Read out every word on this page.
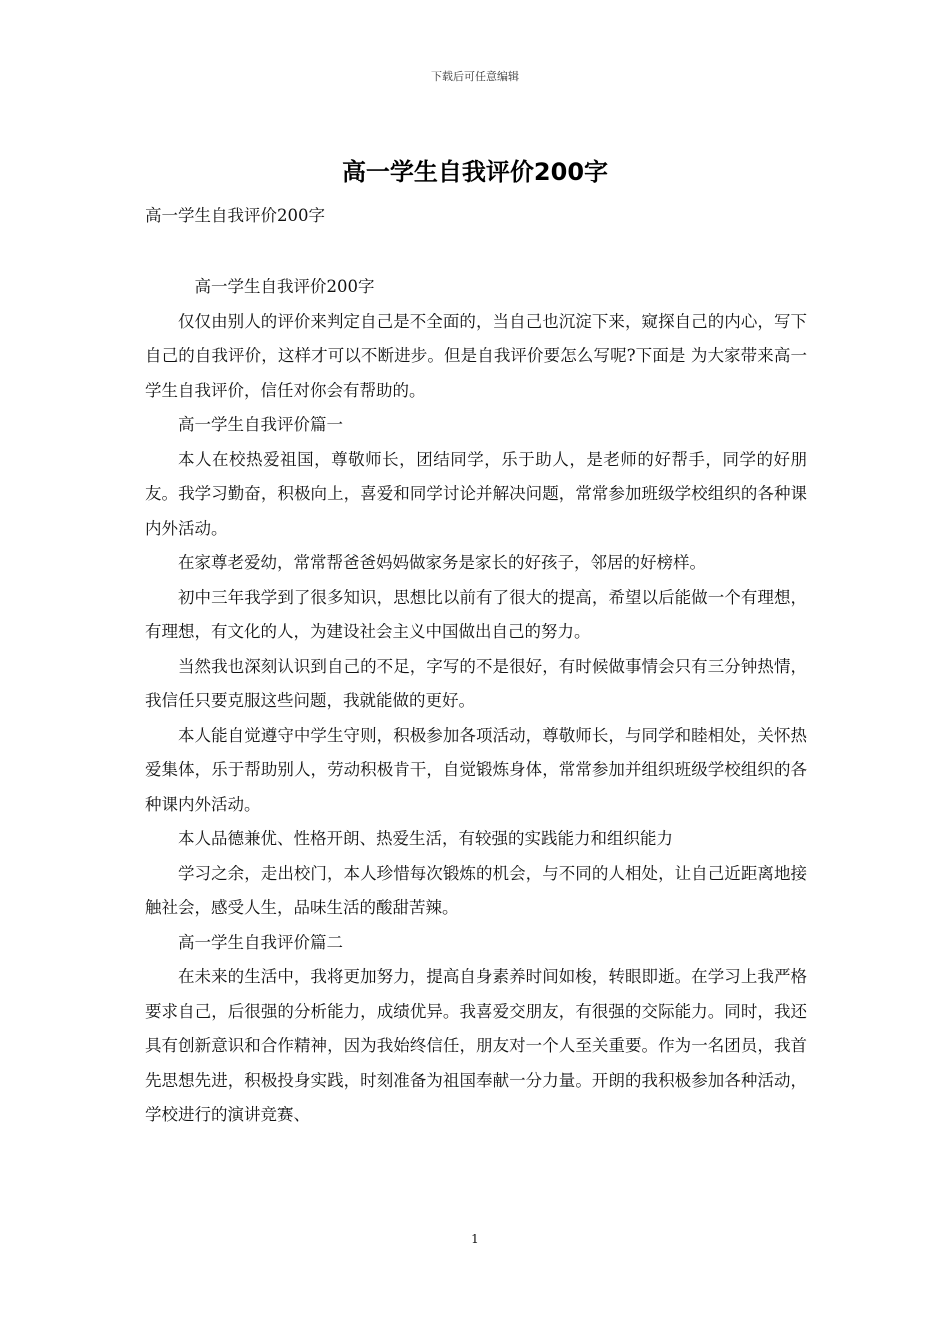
下载后可任意编辑
高一学生自我评价200字
高一学生自我评价200字

高一学生自我评价200字

仅仅由别人的评价来判定自己是不全面的，当自己也沉淀下来，窥探自己的内心，写下自己的自我评价，这样才可以不断进步。但是自我评价要怎么写呢?下面是 为大家带来高一学生自我评价，信任对你会有帮助的。

高一学生自我评价篇一

本人在校热爱祖国，尊敬师长，团结同学，乐于助人，是老师的好帮手，同学的好朋友。我学习勤奋，积极向上，喜爱和同学讨论并解决问题，常常参加班级学校组织的各种课内外活动。

在家尊老爱幼，常常帮爸爸妈妈做家务是家长的好孩子，邻居的好榜样。

初中三年我学到了很多知识，思想比以前有了很大的提高，希望以后能做一个有理想，有理想，有文化的人，为建设社会主义中国做出自己的努力。

当然我也深刻认识到自己的不足，字写的不是很好，有时候做事情会只有三分钟热情，我信任只要克服这些问题，我就能做的更好。

本人能自觉遵守中学生守则，积极参加各项活动，尊敬师长，与同学和睦相处，关怀热爱集体，乐于帮助别人，劳动积极肯干，自觉锻炼身体，常常参加并组织班级学校组织的各种课内外活动。

本人品德兼优、性格开朗、热爱生活，有较强的实践能力和组织能力

学习之余，走出校门，本人珍惜每次锻炼的机会，与不同的人相处，让自己近距离地接触社会，感受人生，品味生活的酸甜苦辣。

高一学生自我评价篇二

在未来的生活中，我将更加努力，提高自身素养时间如梭，转眼即逝。在学习上我严格要求自己，后很强的分析能力，成绩优异。我喜爱交朋友，有很强的交际能力。同时，我还具有创新意识和合作精神，因为我始终信任，朋友对一个人至关重要。作为一名团员，我首先思想先进，积极投身实践，时刻准备为祖国奉献一分力量。开朗的我积极参加各种活动，学校进行的演讲竞赛、

1
